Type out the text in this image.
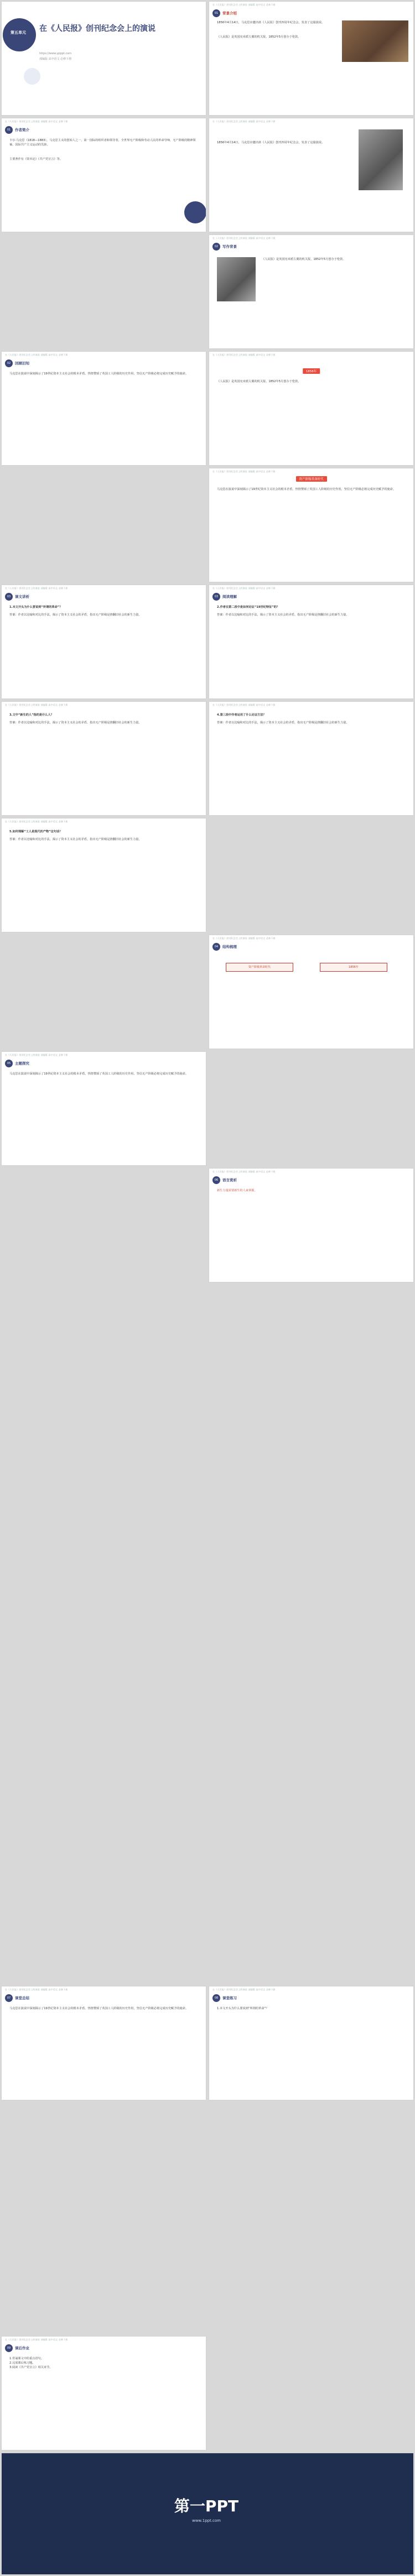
第五单元	在《人民报》创刊纪念会上的演说
https://www.ypppt.com
部编版 高中语文 必修下册
在《人民报》创刊纪念会上的演说 部编版 高中语文 必修下册
01	背景介绍
1856年4月14日，马克思应邀出席《人民报》创刊四周年纪念会，发表了这篇演说。
《人民报》是英国宪章派左翼的机关报，1852年5月创办于伦敦。
在《人民报》创刊纪念会上的演说 部编版 高中语文 必修下册
01	作者简介
卡尔·马克思（1818—1883），马克思主义的创始人之一，第一国际的组织者和领导者，全世界无产阶级和劳动人民的革命导师，无产阶级的精神领袖，国际共产主义运动的先驱。
主要著作有《资本论》《共产党宣言》等。
在《人民报》创刊纪念会上的演说 部编版 高中语文 必修下册
1856年4月14日，马克思应邀出席《人民报》创刊四周年纪念会，发表了这篇演说。
在《人民报》创刊纪念会上的演说 部编版 高中语文 必修下册
02	写作背景
《人民报》是英国宪章派左翼的机关报，1852年5月创办于伦敦。
在《人民报》创刊纪念会上的演说 部编版 高中语文 必修下册
02	回顾旧知
马克思在演说中深刻揭示了19世纪资本主义社会的根本矛盾，热情赞颂了英国工人阶级的历史作用，坚信无产阶级必将完成历史赋予的使命。
在《人民报》创刊纪念会上的演说 部编版 高中语文 必修下册
1856年
《人民报》是英国宪章派左翼的机关报，1852年5月创办于伦敦。
在《人民报》创刊纪念会上的演说 部编版 高中语文 必修下册
资产阶级革命时代
马克思在演说中深刻揭示了19世纪资本主义社会的根本矛盾，热情赞颂了英国工人阶级的历史作用，坚信无产阶级必将完成历史赋予的使命。
在《人民报》创刊纪念会上的演说 部编版 高中语文 必修下册
03	课文讲析
1.本文开头为什么要说到“所谓的革命”？
答案：作者以比喻和对比的手法，揭示了资本主义社会的矛盾，指出无产阶级是推翻旧社会的新生力量。
在《人民报》创刊纪念会上的演说 部编版 高中语文 必修下册
03	阅读理解
2.作者在第二段中是如何论证“19世纪特征”的？
答案：作者以比喻和对比的手法，揭示了资本主义社会的矛盾，指出无产阶级是推翻旧社会的新生力量。
在《人民报》创刊纪念会上的演说 部编版 高中语文 必修下册
3.文中“新生的人”指的是什么人？
答案：作者以比喻和对比的手法，揭示了资本主义社会的矛盾，指出无产阶级是推翻旧社会的新生力量。
在《人民报》创刊纪念会上的演说 部编版 高中语文 必修下册
4.第三段中作者运用了什么论证方法？
答案：作者以比喻和对比的手法，揭示了资本主义社会的矛盾，指出无产阶级是推翻旧社会的新生力量。
在《人民报》创刊纪念会上的演说 部编版 高中语文 必修下册
5.如何理解“工人是现代的产物”这句话？
答案：作者以比喻和对比的手法，揭示了资本主义社会的矛盾，指出无产阶级是推翻旧社会的新生力量。
在《人民报》创刊纪念会上的演说 部编版 高中语文 必修下册
04	结构梳理
资产阶级革命时代	1856年
在《人民报》创刊纪念会上的演说 部编版 高中语文 必修下册
05	主题探究
马克思在演说中深刻揭示了19世纪资本主义社会的根本矛盾，热情赞颂了英国工人阶级的历史作用，坚信无产阶级必将完成历史赋予的使命。
在《人民报》创刊纪念会上的演说 部编版 高中语文 必修下册
06	语言赏析
新生力量需要新生的人来掌握。
在《人民报》创刊纪念会上的演说 部编版 高中语文 必修下册
07	课堂总结
马克思在演说中深刻揭示了19世纪资本主义社会的根本矛盾，热情赞颂了英国工人阶级的历史作用，坚信无产阶级必将完成历史赋予的使命。
在《人民报》创刊纪念会上的演说 部编版 高中语文 必修下册
08	课堂练习
1.本文开头为什么要说到“所谓的革命”？
在《人民报》创刊纪念会上的演说 部编版 高中语文 必修下册
09	课后作业
1.背诵课文中的重点语句。
2.完成课后练习题。
3.阅读《共产党宣言》相关章节。
第一PPT
www.1ppt.com
